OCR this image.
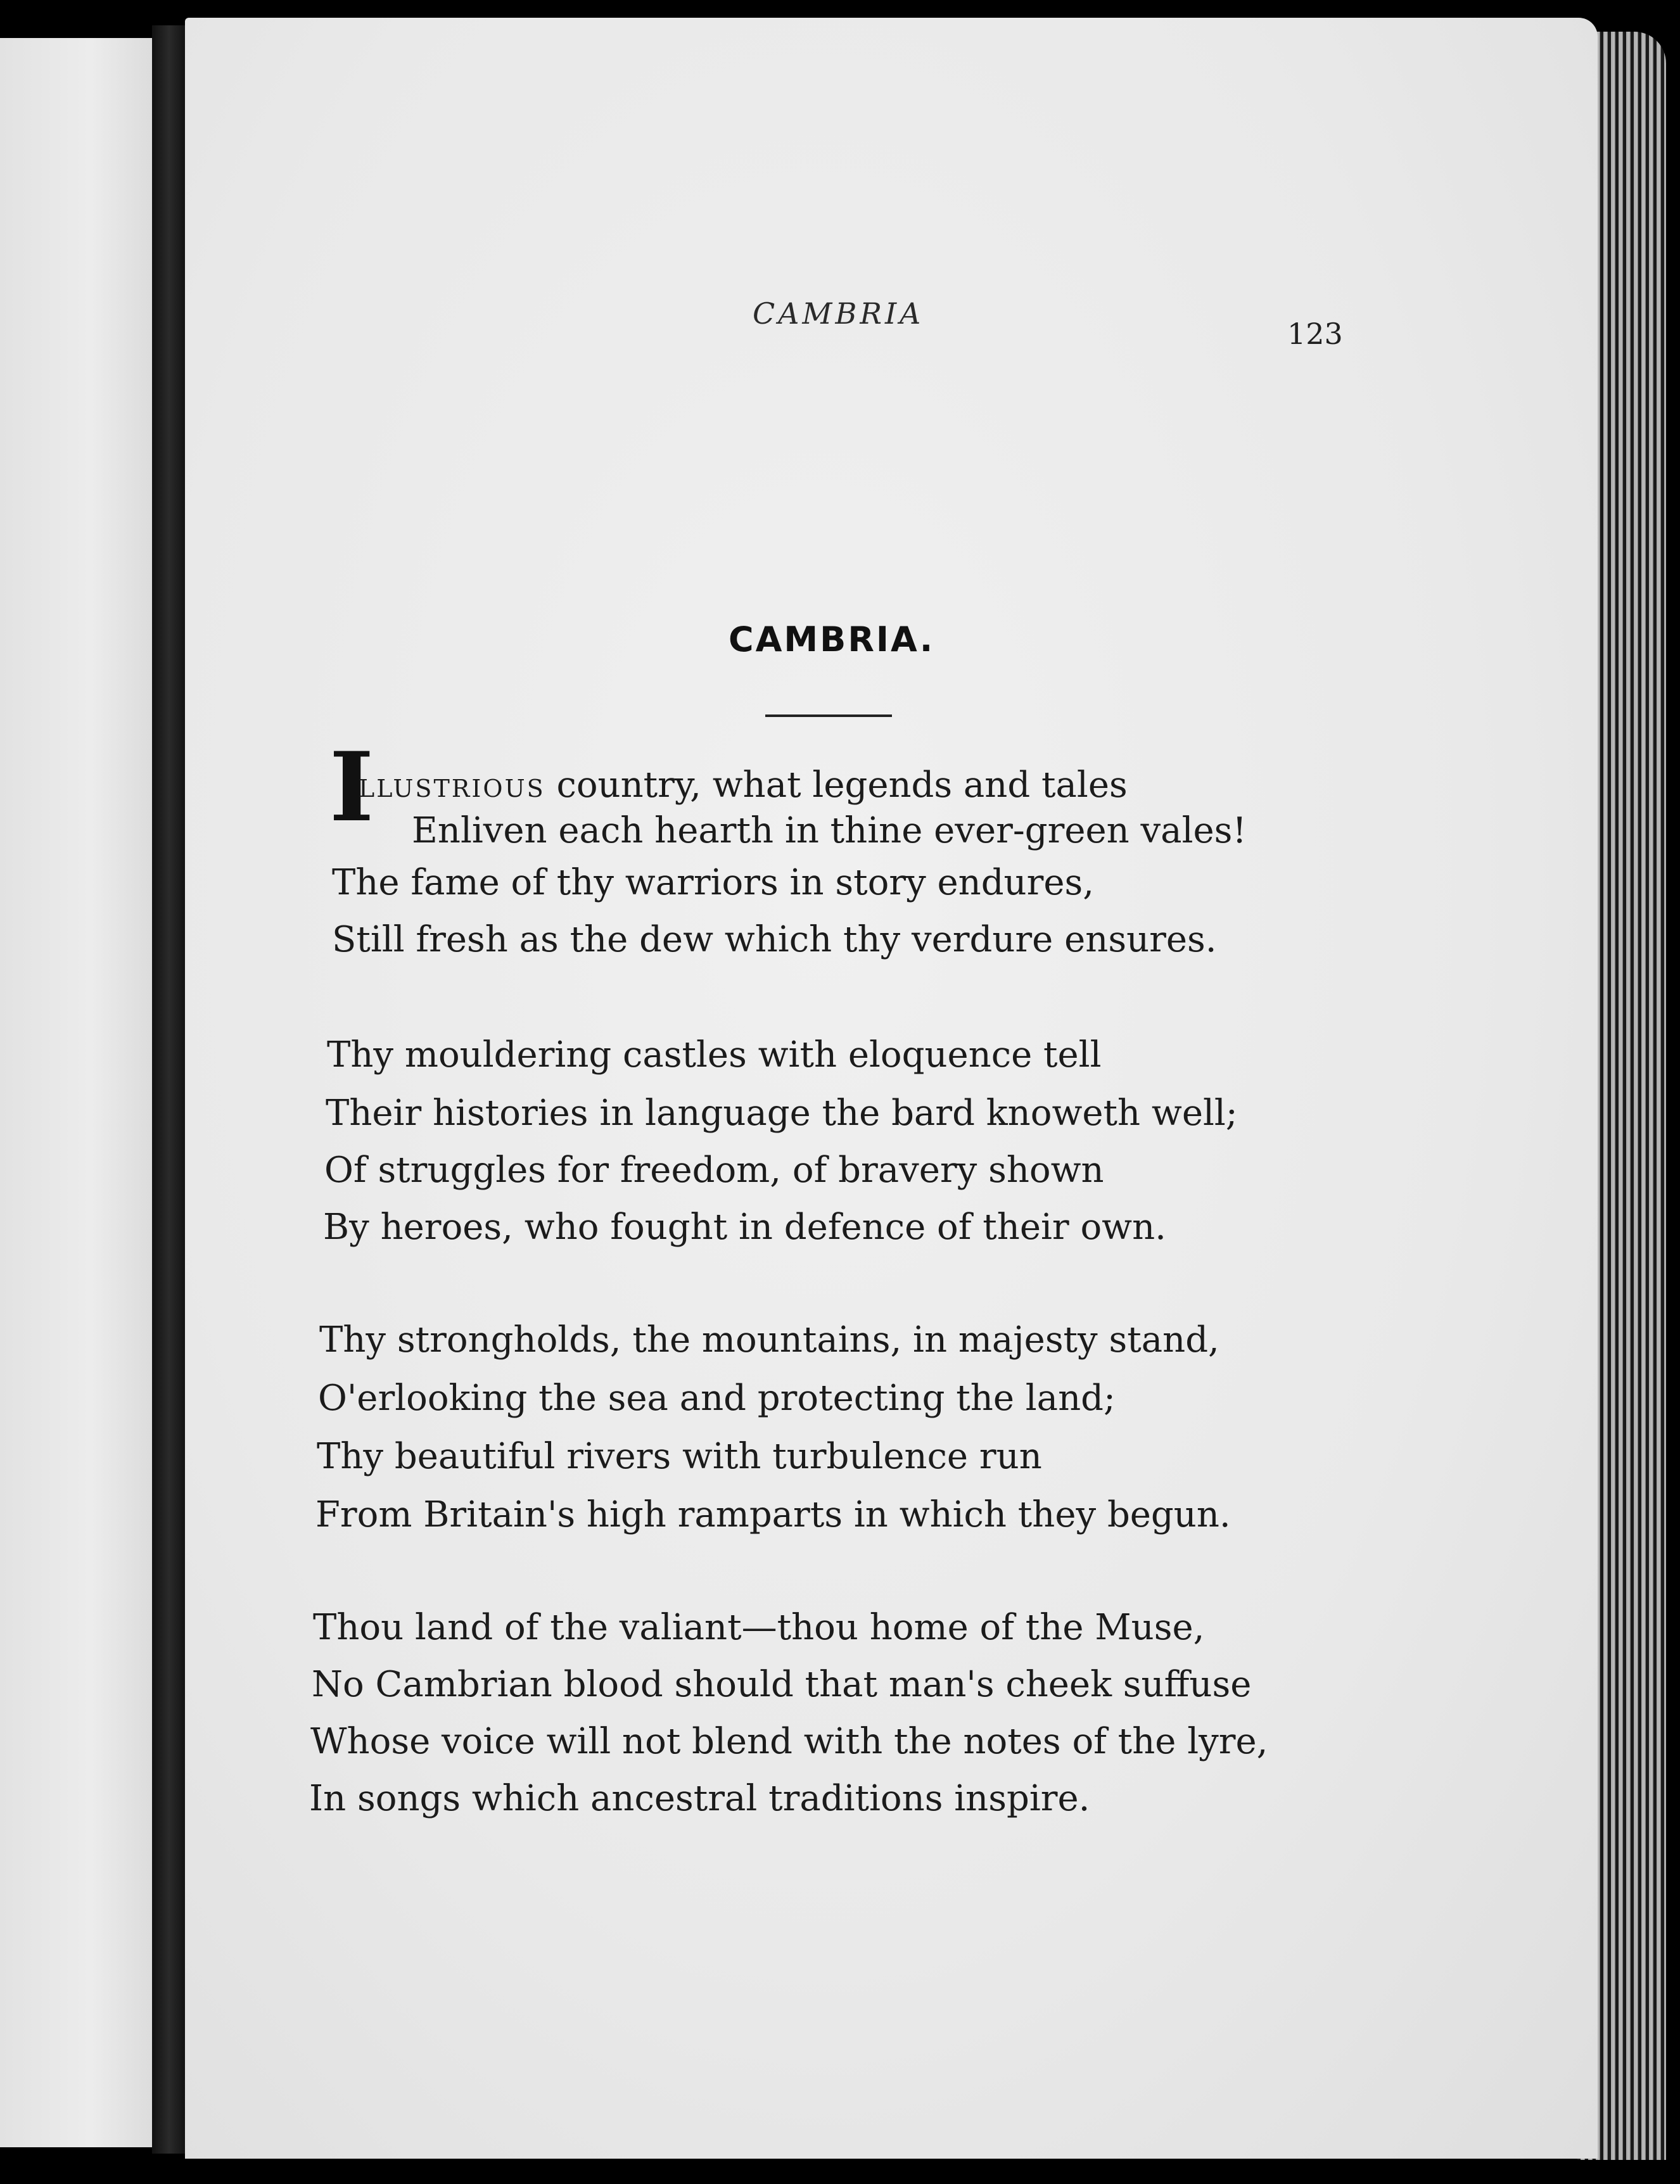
CAMBRIA
123
CAMBRIA.
I
LLUSTRIOUS country, what legends and tales
Enliven each hearth in thine ever-green vales!
The fame of thy warriors in story endures,
Still fresh as the dew which thy verdure ensures.
Thy mouldering castles with eloquence tell
Their histories in language the bard knoweth well;
Of struggles for freedom, of bravery shown
By heroes, who fought in defence of their own.
Thy strongholds, the mountains, in majesty stand,
O'erlooking the sea and protecting the land;
Thy beautiful rivers with turbulence run
From Britain's high ramparts in which they begun.
Thou land of the valiant—thou home of the Muse,
No Cambrian blood should that man's cheek suffuse
Whose voice will not blend with the notes of the lyre,
In songs which ancestral traditions inspire.
